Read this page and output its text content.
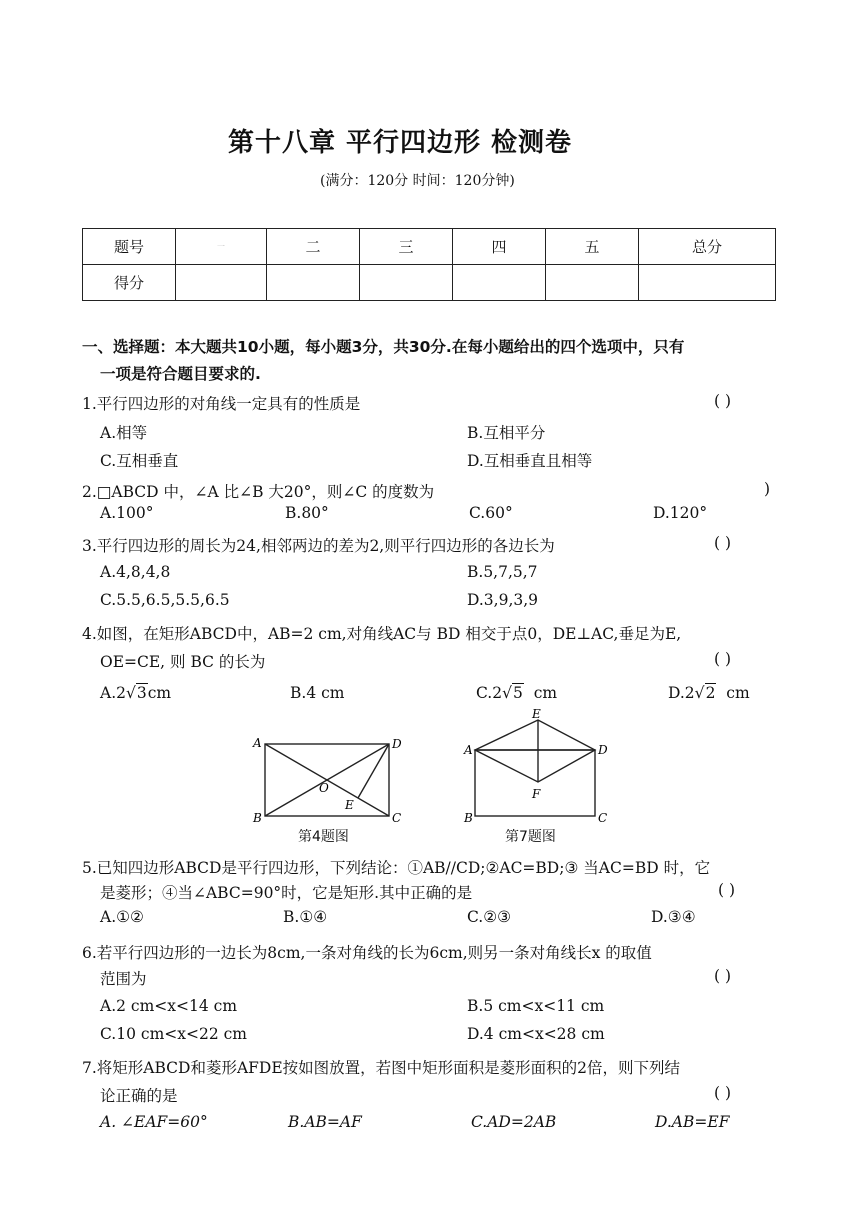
第十八章 平行四边形 检测卷
(满分：120分 时间：120分钟)
题号	一	二	三	四	五	总分
得分						
一、选择题：本大题共10小题，每小题3分，共30分.在每小题给出的四个选项中，只有
一项是符合题目要求的.
1.平行四边形的对角线一定具有的性质是	( )
A.相等	B.互相平分
C.互相垂直	D.互相垂直且相等
2.□ABCD 中，∠A 比∠B 大20°，则∠C 的度数为	)
A.100°	B.80°	C.60°	D.120°
3.平行四边形的周长为24,相邻两边的差为2,则平行四边形的各边长为	( )
A.4,8,4,8	B.5,7,5,7
C.5.5,6.5,5.5,6.5	D.3,9,3,9
4.如图，在矩形ABCD中，AB=2 cm,对角线AC与 BD 相交于点0，DE⊥AC,垂足为E,
OE=CE, 则 BC 的长为	( )
A.2√3cm	B.4 cm	C.2√5 cm	D.2√2 cm
A
B	C
D
O
E
第4题图
A
B	C
D
E
F
第7题图
5.已知四边形ABCD是平行四边形，下列结论：①AB//CD;②AC=BD;③ 当AC=BD 时，它
是菱形；④当∠ABC=90°时，它是矩形.其中正确的是	( )
A.①②	B.①④	C.②③	D.③④
6.若平行四边形的一边长为8cm,一条对角线的长为6cm,则另一条对角线长x 的取值
范围为	( )
A.2 cm<x<14 cm	B.5 cm<x<11 cm
C.10 cm<x<22 cm	D.4 cm<x<28 cm
7.将矩形ABCD和菱形AFDE按如图放置，若图中矩形面积是菱形面积的2倍，则下列结
论正确的是	( )
A. ∠EAF=60°	B.AB=AF	C.AD=2AB	D.AB=EF
